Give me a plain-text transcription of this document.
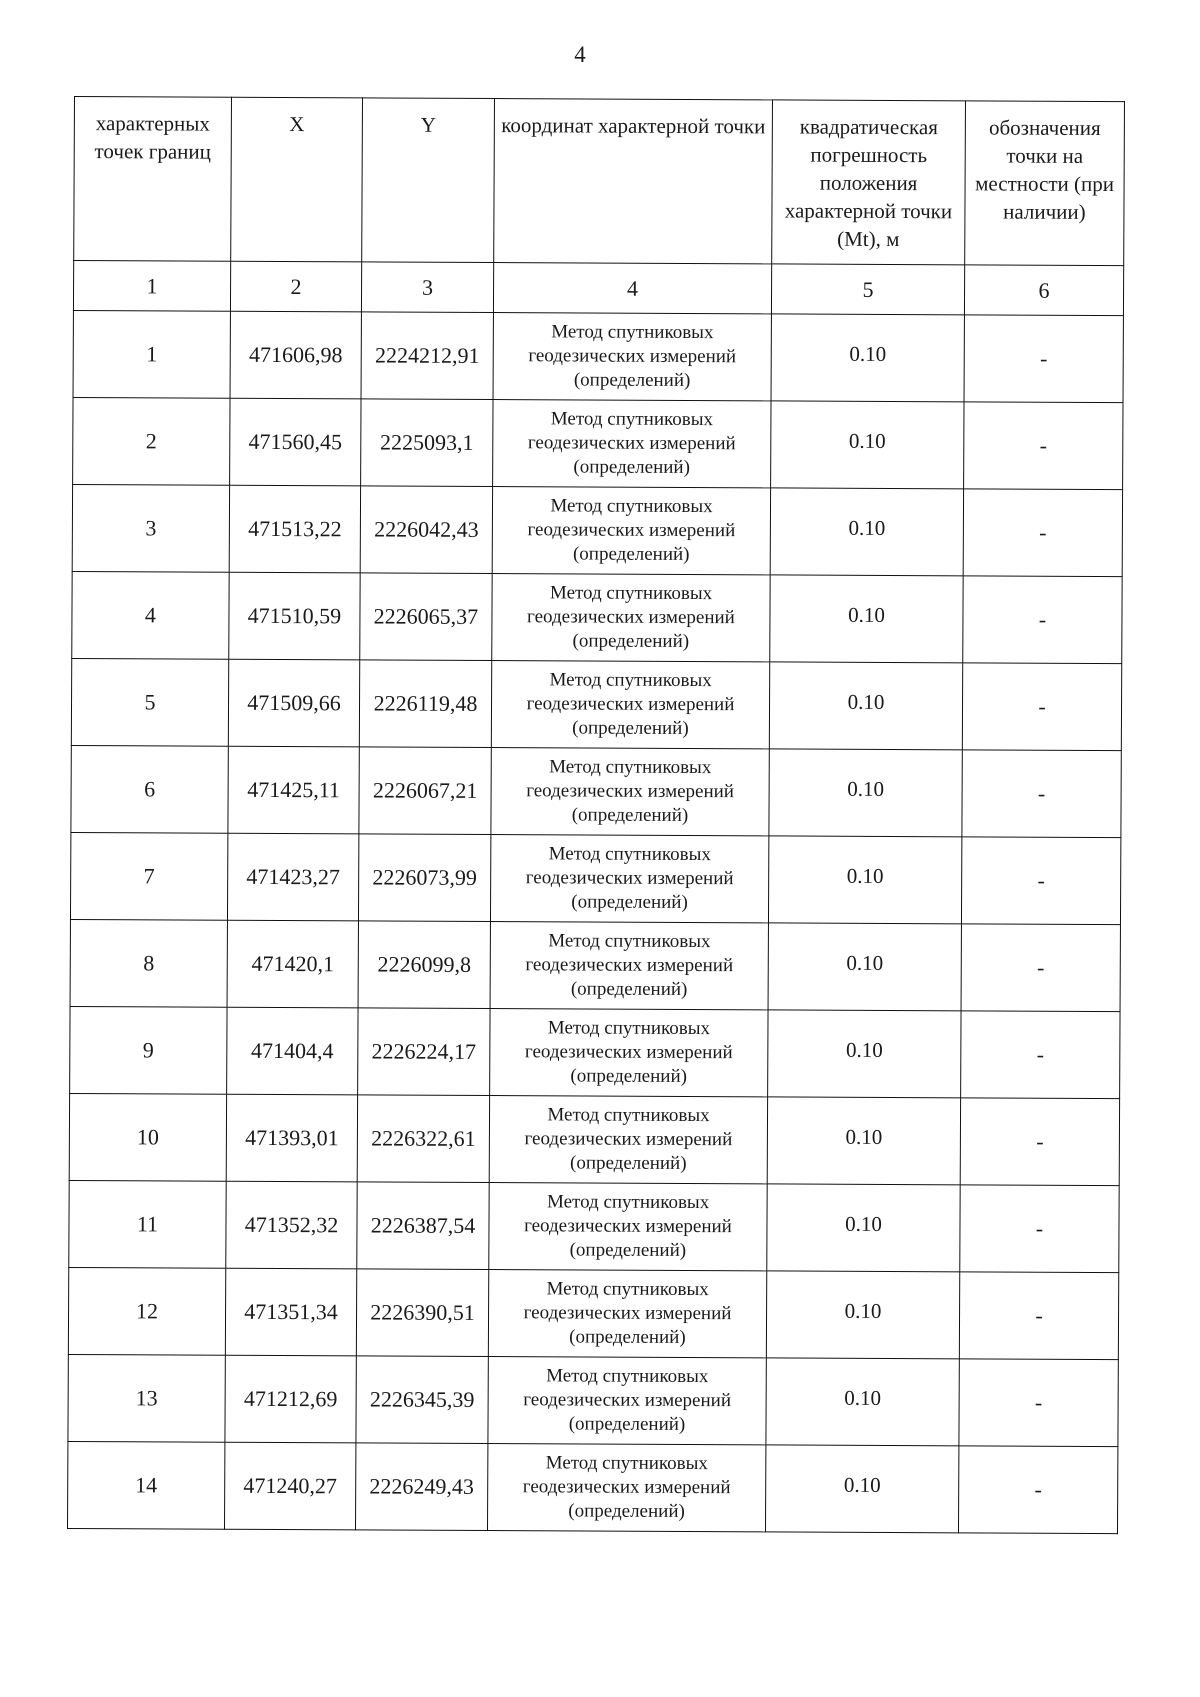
4
характерных точек границ	X	Y	координат характерной точки	квадратическая погрешность положения характерной точки (Mt), м	обозначения точки на местности (при наличии)
1	2	3	4	5	6
1	471606,98	2224212,91	Метод спутниковых геодезических измерений (определений)	0.10	-
2	471560,45	2225093,1	Метод спутниковых геодезических измерений (определений)	0.10	-
3	471513,22	2226042,43	Метод спутниковых геодезических измерений (определений)	0.10	-
4	471510,59	2226065,37	Метод спутниковых геодезических измерений (определений)	0.10	-
5	471509,66	2226119,48	Метод спутниковых геодезических измерений (определений)	0.10	-
6	471425,11	2226067,21	Метод спутниковых геодезических измерений (определений)	0.10	-
7	471423,27	2226073,99	Метод спутниковых геодезических измерений (определений)	0.10	-
8	471420,1	2226099,8	Метод спутниковых геодезических измерений (определений)	0.10	-
9	471404,4	2226224,17	Метод спутниковых геодезических измерений (определений)	0.10	-
10	471393,01	2226322,61	Метод спутниковых геодезических измерений (определений)	0.10	-
11	471352,32	2226387,54	Метод спутниковых геодезических измерений (определений)	0.10	-
12	471351,34	2226390,51	Метод спутниковых геодезических измерений (определений)	0.10	-
13	471212,69	2226345,39	Метод спутниковых геодезических измерений (определений)	0.10	-
14	471240,27	2226249,43	Метод спутниковых геодезических измерений (определений)	0.10	-
